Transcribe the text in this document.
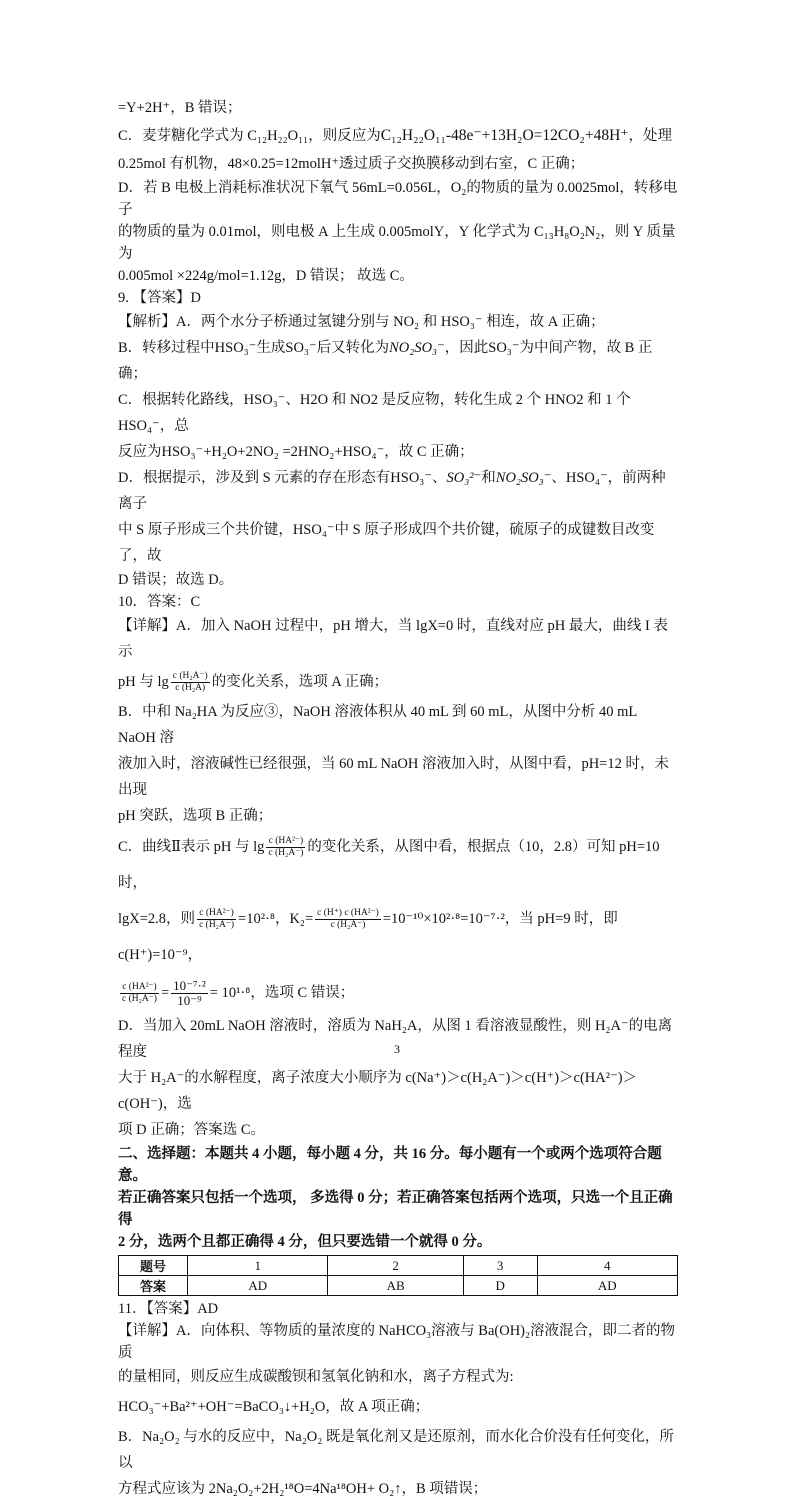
=Y+2H⁺，B 错误；

C．麦芽糖化学式为 C₁₂H₂₂O₁₁，则反应为C₁₂H₂₂O₁₁-48e⁻+13H₂O=12CO₂+48H⁺，处理

0.25mol 有机物，48×0.25=12molH⁺透过质子交换膜移动到右室，C 正确；

D．若 B 电极上消耗标准状况下氧气 56mL=0.056L，O₂的物质的量为 0.0025mol，转移电子

的物质的量为 0.01mol，则电极 A 上生成 0.005molY，Y 化学式为 C₁₃H₈O₂N₂，则 Y 质量为

0.005mol ×224g/mol=1.12g，D 错误； 故选 C。

9. 【答案】D

【解析】A．两个水分子桥通过氢键分别与 NO₂ 和 HSO₃⁻ 相连，故 A 正确；

B．转移过程中HSO₃⁻生成SO₃⁻后又转化为NO₂SO₃⁻，因此SO₃⁻为中间产物，故 B 正确；

C．根据转化路线，HSO₃⁻、H2O 和 NO2 是反应物，转化生成 2 个 HNO2 和 1 个HSO₄⁻，总

反应为HSO₃⁻+H₂O+2NO₂ =2HNO₂+HSO₄⁻，故 C 正确；

D．根据提示，涉及到 S 元素的存在形态有HSO₃⁻、SO₃²⁻和NO₂SO₃⁻、HSO₄⁻，前两种离子

中 S 原子形成三个共价键，HSO₄⁻中 S 原子形成四个共价键，硫原子的成键数目改变了，故

D 错误；故选 D。

10．答案：C

【详解】A．加入 NaOH 过程中，pH 增大，当 lgX=0 时，直线对应 pH 最大，曲线 I 表示

pH 与 $\lg \frac{\text{c (H₂A⁻)}}{\text{c (H₂A)}}$ 的变化关系，选项 A 正确；

B．中和 Na₂HA 为反应③，NaOH 溶液体积从 40 mL 到 60 mL，从图中分析 40 mL NaOH 溶

液加入时，溶液碱性已经很强，当 60 mL NaOH 溶液加入时，从图中看，pH=12 时，未出现

pH 突跃，选项 B 正确；

C．曲线Ⅱ表示 pH 与 $\lg \frac{\text{c (HA²⁻)}}{\text{c (H₂A⁻)}}$ 的变化关系，从图中看，根据点（10，2.8）可知 pH=10 时，

lgX=2.8，则 $\frac{\text{c (HA²⁻)}}{\text{c (H₂A⁻)}} =10^2\cdot^8$，$K_2= \frac{\text{c (H⁺) c (HA²⁻)}}{\text{c (H₂A⁻)}} =10^{-10}\times 10^2\cdot^8=10^{-7}\cdot^2$，当 pH=9 时，即 c(H⁺)=10⁻⁹，

$\frac{\text{c (HA²⁻)}}{\text{c (H₂A⁻)}} = \frac{\text{10⁻⁷·²}}{\text{10⁻⁹}} = 10^1\cdot^8$，选项 C 错误；

D．当加入 20mL NaOH 溶液时，溶质为 NaH₂A，从图 1 看溶液显酸性，则 H₂A⁻的电离程度

大于 H₂A⁻的水解程度，离子浓度大小顺序为 c(Na⁺)＞c(H₂A⁻)＞c(H⁺)＞c(HA²⁻)＞c(OH⁻)，选

项 D 正确；答案选 C。

二、选择题：本题共 4 小题，每小题 4 分，共 16 分。每小题有一个或两个选项符合题意。

若正确答案只包括一个选项， 多选得 0 分；若正确答案包括两个选项，只选一个且正确得

2 分，选两个且都正确得 4 分，但只要选错一个就得 0 分。

题号	1	2	3	4
答案	AD	AB	D	AD

11．【答案】AD

【详解】A．向体积、等物质的量浓度的 NaHCO₃溶液与 Ba(OH)₂溶液混合，即二者的物质

的量相同，则反应生成碳酸钡和氢氧化钠和水，离子方程式为:

HCO₃⁻+Ba²⁺+OH⁻=BaCO₃↓+H₂O，故 A 项正确；

B．Na₂O₂ 与水的反应中，Na₂O₂ 既是氧化剂又是还原剂，而水化合价没有任何变化，所以

方程式应该为 2Na₂O₂+2H₂¹⁸O=4Na¹⁸OH+ O₂↑，B 项错误；

3
